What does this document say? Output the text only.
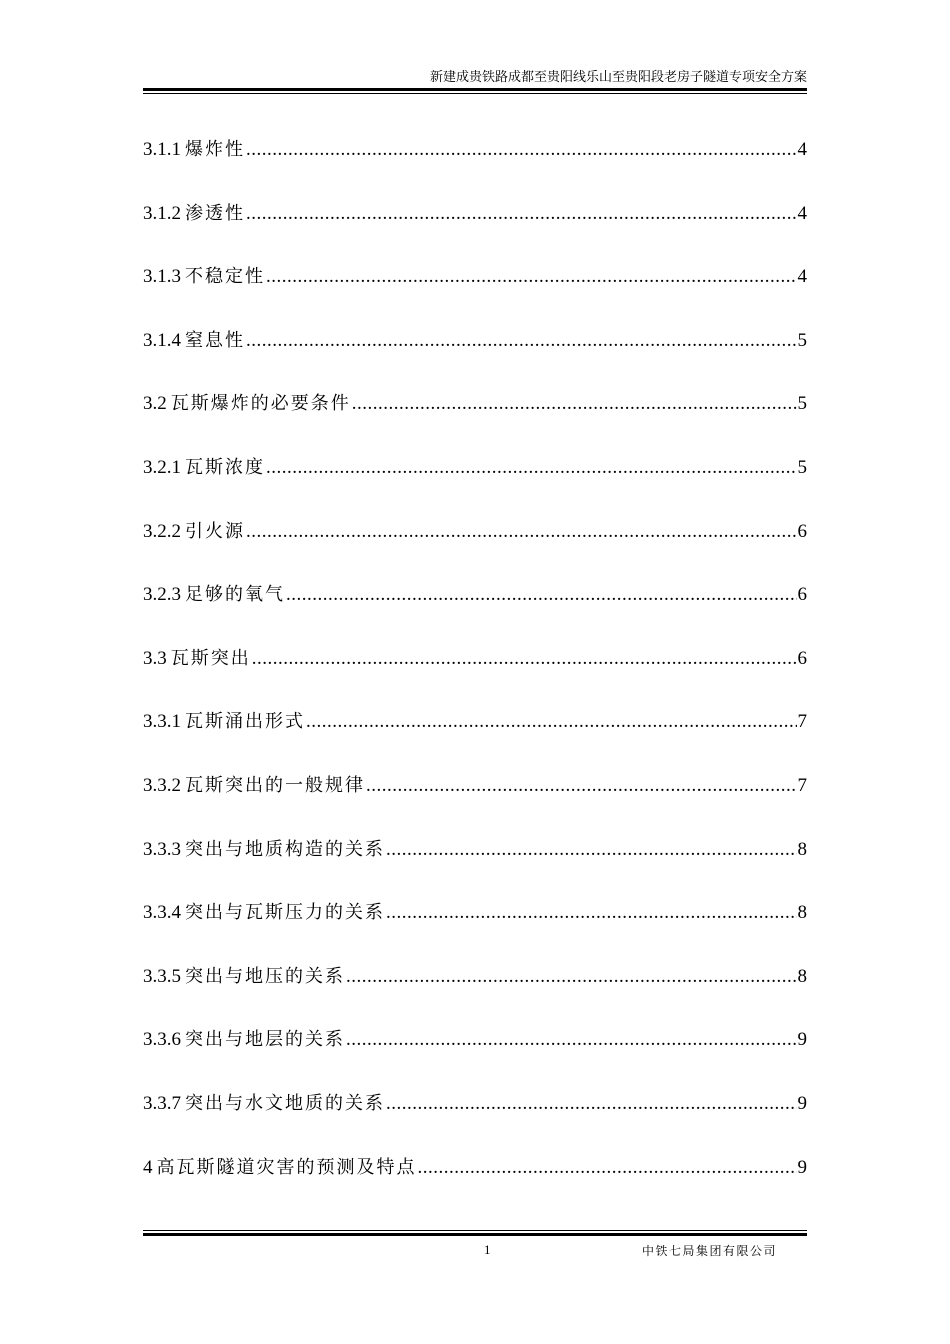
新建成贵铁路成都至贵阳线乐山至贵阳段老房子隧道专项安全方案
3.1.1 爆炸性 .....	4
3.1.2 渗透性 .....	4
3.1.3 不稳定性 .....	4
3.1.4 窒息性 .....	5
3.2 瓦斯爆炸的必要条件 .....	5
3.2.1 瓦斯浓度 .....	5
3.2.2 引火源 .....	6
3.2.3 足够的氧气 .....	6
3.3 瓦斯突出 .....	6
3.3.1 瓦斯涌出形式 .....	7
3.3.2 瓦斯突出的一般规律 .....	7
3.3.3 突出与地质构造的关系 .....	8
3.3.4 突出与瓦斯压力的关系 .....	8
3.3.5 突出与地压的关系 .....	8
3.3.6 突出与地层的关系 .....	9
3.3.7 突出与水文地质的关系 .....	9
4 高瓦斯隧道灾害的预测及特点 .....	9
1	中铁七局集团有限公司
